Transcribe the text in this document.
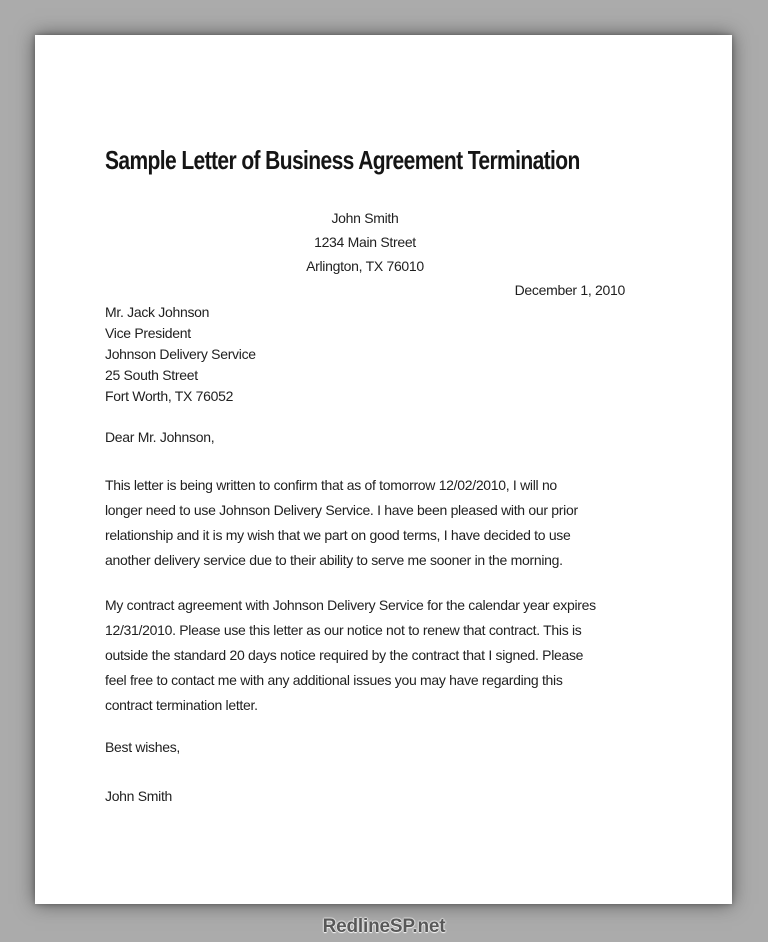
Sample Letter of Business Agreement Termination
John Smith
1234 Main Street
Arlington, TX 76010
December 1, 2010
Mr. Jack Johnson
Vice President
Johnson Delivery Service
25 South Street
Fort Worth, TX 76052
Dear Mr. Johnson,
This letter is being written to confirm that as of tomorrow 12/02/2010, I will no
longer need to use Johnson Delivery Service. I have been pleased with our prior
relationship and it is my wish that we part on good terms, I have decided to use
another delivery service due to their ability to serve me sooner in the morning.
My contract agreement with Johnson Delivery Service for the calendar year expires
12/31/2010. Please use this letter as our notice not to renew that contract. This is
outside the standard 20 days notice required by the contract that I signed. Please
feel free to contact me with any additional issues you may have regarding this
contract termination letter.
Best wishes,
John Smith
RedlineSP.net
